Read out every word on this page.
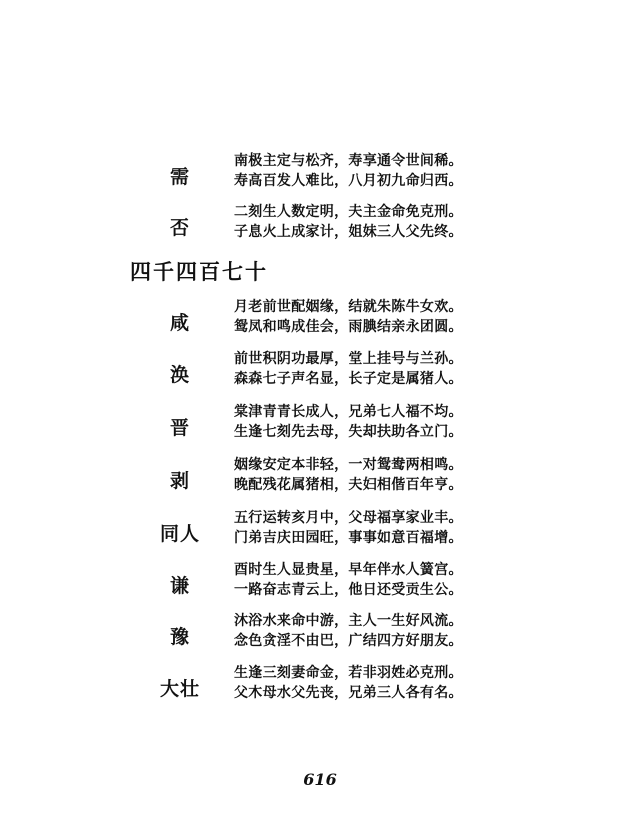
需
南极主定与松齐，寿享通令世间稀。
寿高百发人难比，八月初九命归西。
否
二刻生人数定明，夫主金命免克刑。
子息火上成家计，姐妹三人父先终。
四千四百七十
咸
月老前世配姻缘，结就朱陈牛女欢。
鸳凤和鸣成佳会，雨腆结亲永团圆。
涣
前世积阴功最厚，堂上挂号与兰孙。
森森七子声名显，长子定是属猪人。
晋
棠津青青长成人，兄弟七人福不均。
生逢七刻先去母，失却扶助各立门。
剥
姻缘安定本非轻，一对鸳鸯两相鸣。
晚配残花属猪相，夫妇相偕百年亨。
同人
五行运转亥月中，父母福享家业丰。
门弟吉庆田园旺，事事如意百福增。
谦
酉时生人显贵星，早年伴水人簧宫。
一路奋志青云上，他日还受贡生公。
豫
沐浴水来命中游，主人一生好风流。
念色贪淫不由巴，广结四方好朋友。
大壮
生逢三刻妻命金，若非羽姓必克刑。
父木母水父先丧，兄弟三人各有名。
616
